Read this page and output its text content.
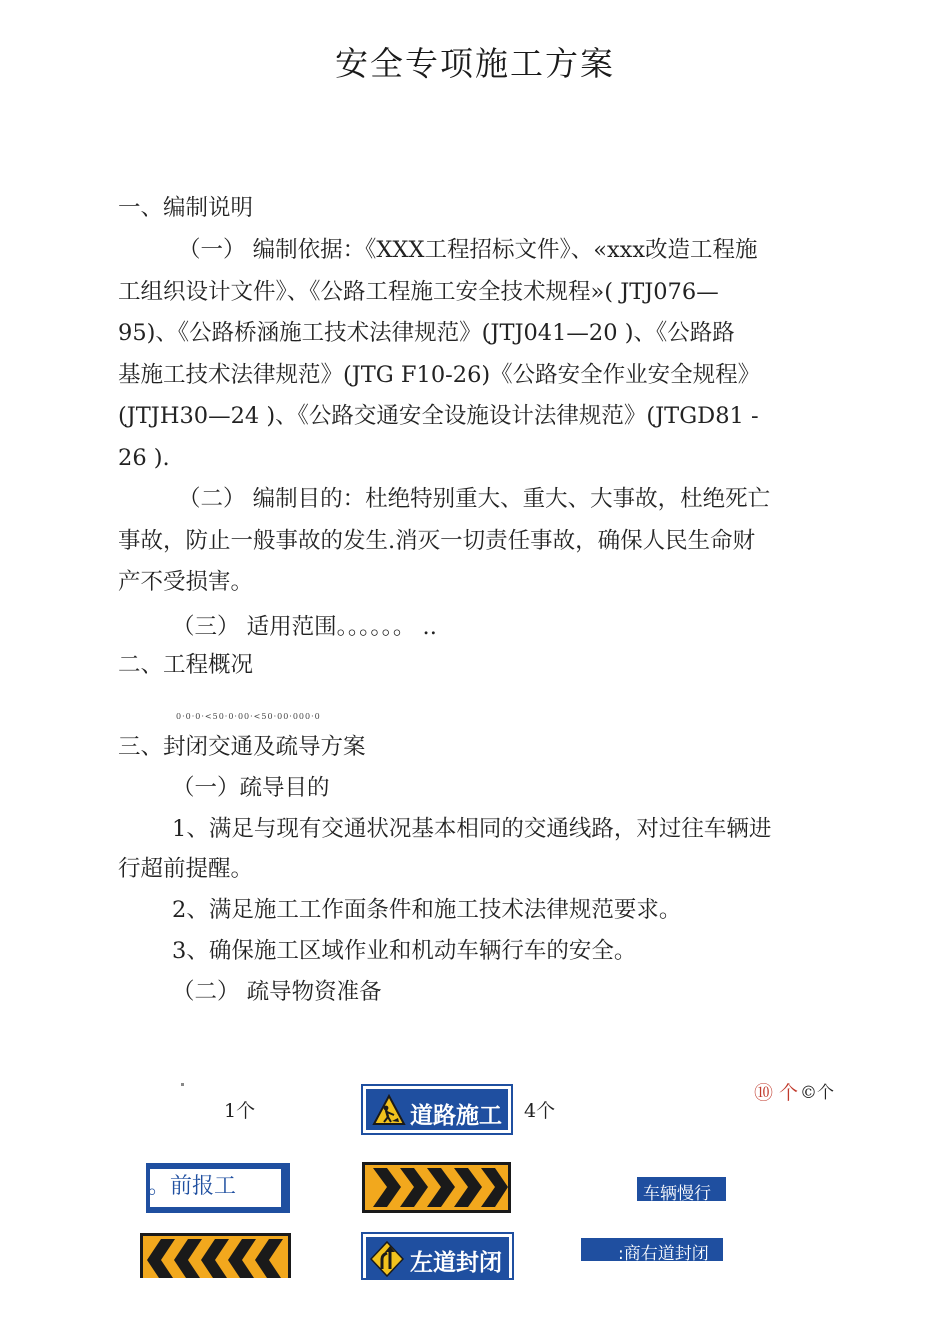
安全专项施工方案
一、编制说明
（一） 编制依据：《XXX工程招标文件》、«xxx改造工程施
工组织设计文件》、《公路工程施工安全技术规程»( JTJ076—
95)、《公路桥涵施工技术法律规范》(JTJ041—20 )、《公路路
基施工技术法律规范》(JTG F10-26)《公路安全作业安全规程》
(JTJH30—24 )、《公路交通安全设施设计法律规范》(JTGD81 -
26 ).
（二） 编制目的：杜绝特别重大、重大、大事故，杜绝死亡
事故，防止一般事故的发生.消灭一切责任事故，确保人民生命财
产不受损害。
（三） 适用范围。。。。。。 ..
二、工程概况
0·0·0·<50·0·00·<50·00·000·0
三、封闭交通及疏导方案
（一）疏导目的
1、满足与现有交通状况基本相同的交通线路，对过往车辆进
行超前提醒。
2、满足施工工作面条件和施工技术法律规范要求。
3、确保施工区域作业和机动车辆行车的安全。
（二） 疏导物资准备
1个	道路施工 4个
⑩ 个 ©个
。前报工	车辆慢行
左道封闭	:商右道封闭
